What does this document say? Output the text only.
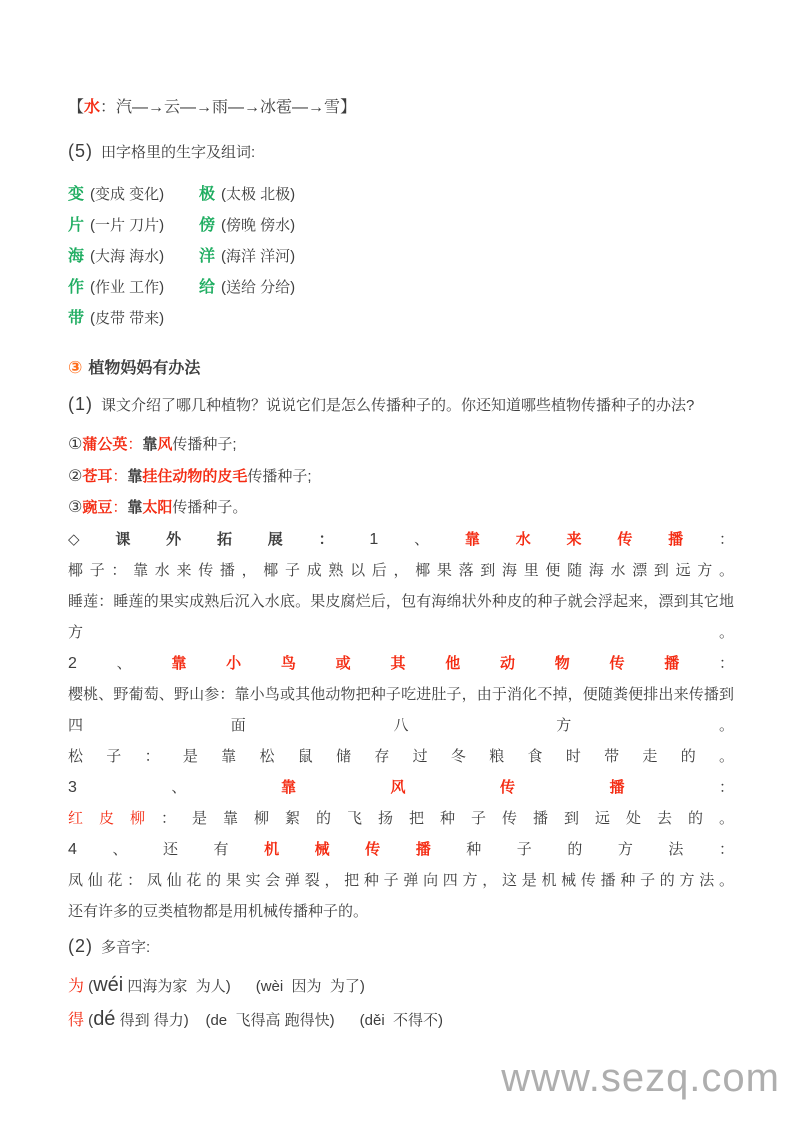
【水：汽—→云—→雨—→冰雹—→雪】

(5) 田字格里的生字及组词:

变 (变成 变化)	极 (太极 北极)
片 (一片 刀片)	傍 (傍晚 傍水)
海 (大海 海水)	洋 (海洋 洋河)
作 (作业 工作)	给 (送给 分给)
带 (皮带 带来)

③ 植物妈妈有办法

(1) 课文介绍了哪几种植物？说说它们是怎么传播种子的。你还知道哪些植物传播种子的办法?

①蒲公英：靠风传播种子;

②苍耳：靠挂住动物的皮毛传播种子;

③豌豆：靠太阳传播种子。

◇课外拓展：1、靠水来传播：

椰子：靠水来传播，椰子成熟以后，椰果落到海里便随海水漂到远方。

睡莲：睡莲的果实成熟后沉入水底。果皮腐烂后，包有海绵状外种皮的种子就会浮起来，漂到其它地方。

2、靠小鸟或其他动物传播：

樱桃、野葡萄、野山参：靠小鸟或其他动物把种子吃进肚子，由于消化不掉，便随粪便排出来传播到四面八方。

松子：是靠松鼠储存过冬粮食时带走的。

3、靠风传播：

红皮柳：是靠柳絮的飞扬把种子传播到远处去的。

4、还有机械传播种子的方法：

凤仙花：凤仙花的果实会弹裂，把种子弹向四方，这是机械传播种子的方法。

还有许多的豆类植物都是用机械传播种子的。

(2) 多音字:

为 (wéi 四海为家  为人)      (wèi  因为  为了)

得 (dé 得到 得力)    (de  飞得高 跑得快)      (děi  不得不)

www.sezq.com
